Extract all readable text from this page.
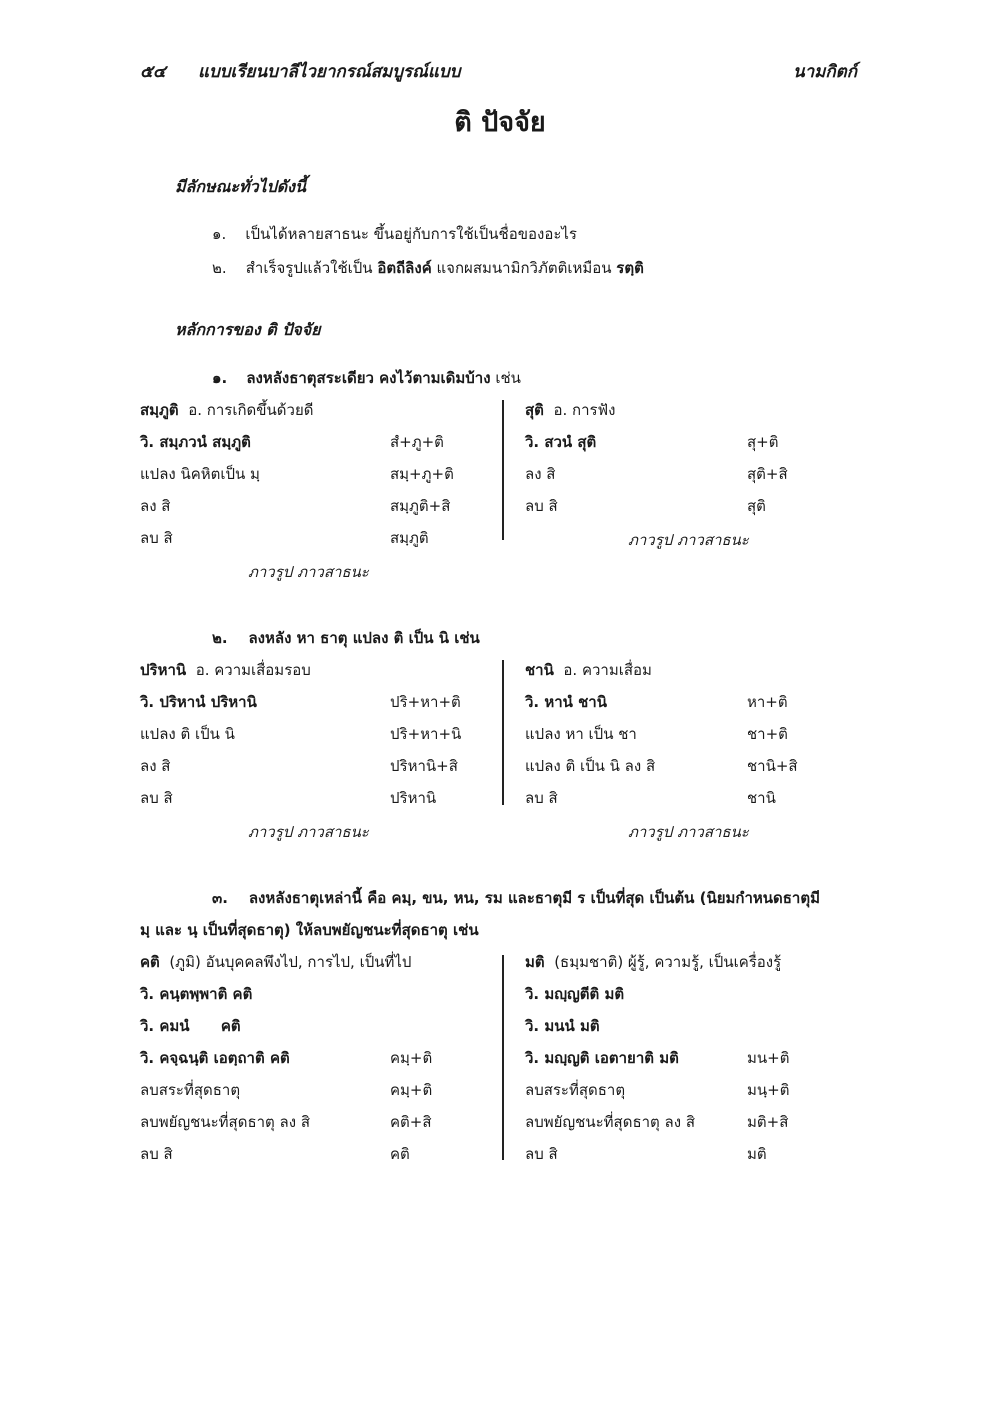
๕๔ แบบเรียนบาลีไวยากรณ์สมบูรณ์แบบ	นามกิตก์
ติ ปัจจัย
มีลักษณะทั่วไปดังนี้
๑. เป็นได้หลายสาธนะ ขึ้นอยู่กับการใช้เป็นชื่อของอะไร
๒. สำเร็จรูปแล้วใช้เป็น อิตถีลิงค์ แจกผสมนามิกวิภัตติเหมือน รตฺติ
หลักการของ ติ ปัจจัย
๑. ลงหลังธาตุสระเดียว คงไว้ตามเดิมบ้าง เช่น
สมฺภูติ อ. การเกิดขึ้นด้วยดี
วิ. สมฺภวนํ สมฺภูติ	สํ+ภู+ติ
แปลง นิคหิตเป็น มฺ	สมฺ+ภู+ติ
ลง สิ	สมฺภูติ+สิ
ลบ สิ	สมฺภูติ
ภาวรูป ภาวสาธนะ
สุติ อ. การฟัง
วิ. สวนํ สุติ	สุ+ติ
ลง สิ	สุติ+สิ
ลบ สิ	สุติ
ภาวรูป ภาวสาธนะ
๒. ลงหลัง หา ธาตุ แปลง ติ เป็น นิ เช่น
ปริหานิ อ. ความเสื่อมรอบ
วิ. ปริหานํ ปริหานิ	ปริ+หา+ติ
แปลง ติ เป็น นิ	ปริ+หา+นิ
ลง สิ	ปริหานิ+สิ
ลบ สิ	ปริหานิ
ภาวรูป ภาวสาธนะ
ชานิ อ. ความเสื่อม
วิ. หานํ ชานิ	หา+ติ
แปลง หา เป็น ชา	ชา+ติ
แปลง ติ เป็น นิ ลง สิ	ชานิ+สิ
ลบ สิ	ชานิ
ภาวรูป ภาวสาธนะ
๓. ลงหลังธาตุเหล่านี้ คือ คมฺ, ขน, หน, รม และธาตุมี ร เป็นที่สุด เป็นต้น (นิยมกำหนดธาตุมี
มฺ และ นฺ เป็นที่สุดธาตุ) ให้ลบพยัญชนะที่สุดธาตุ เช่น
คติ (ภูมิ) อันบุคคลพึงไป, การไป, เป็นที่ไป
วิ. คนฺตพฺพาติ คติ
วิ. คมนํ      คติ
วิ. คจฺฉนฺติ เอตฺถาติ คติ	คมฺ+ติ
ลบสระที่สุดธาตุ	คมฺ+ติ
ลบพยัญชนะที่สุดธาตุ ลง สิ	คติ+สิ
ลบ สิ	คติ
มติ (ธมฺมชาติ) ผู้รู้, ความรู้, เป็นเครื่องรู้
วิ. มญฺญตีติ มติ
วิ. มนนํ มติ
วิ. มญฺญติ เอตายาติ มติ	มน+ติ
ลบสระที่สุดธาตุ	มนฺ+ติ
ลบพยัญชนะที่สุดธาตุ ลง สิ	มติ+สิ
ลบ สิ	มติ
